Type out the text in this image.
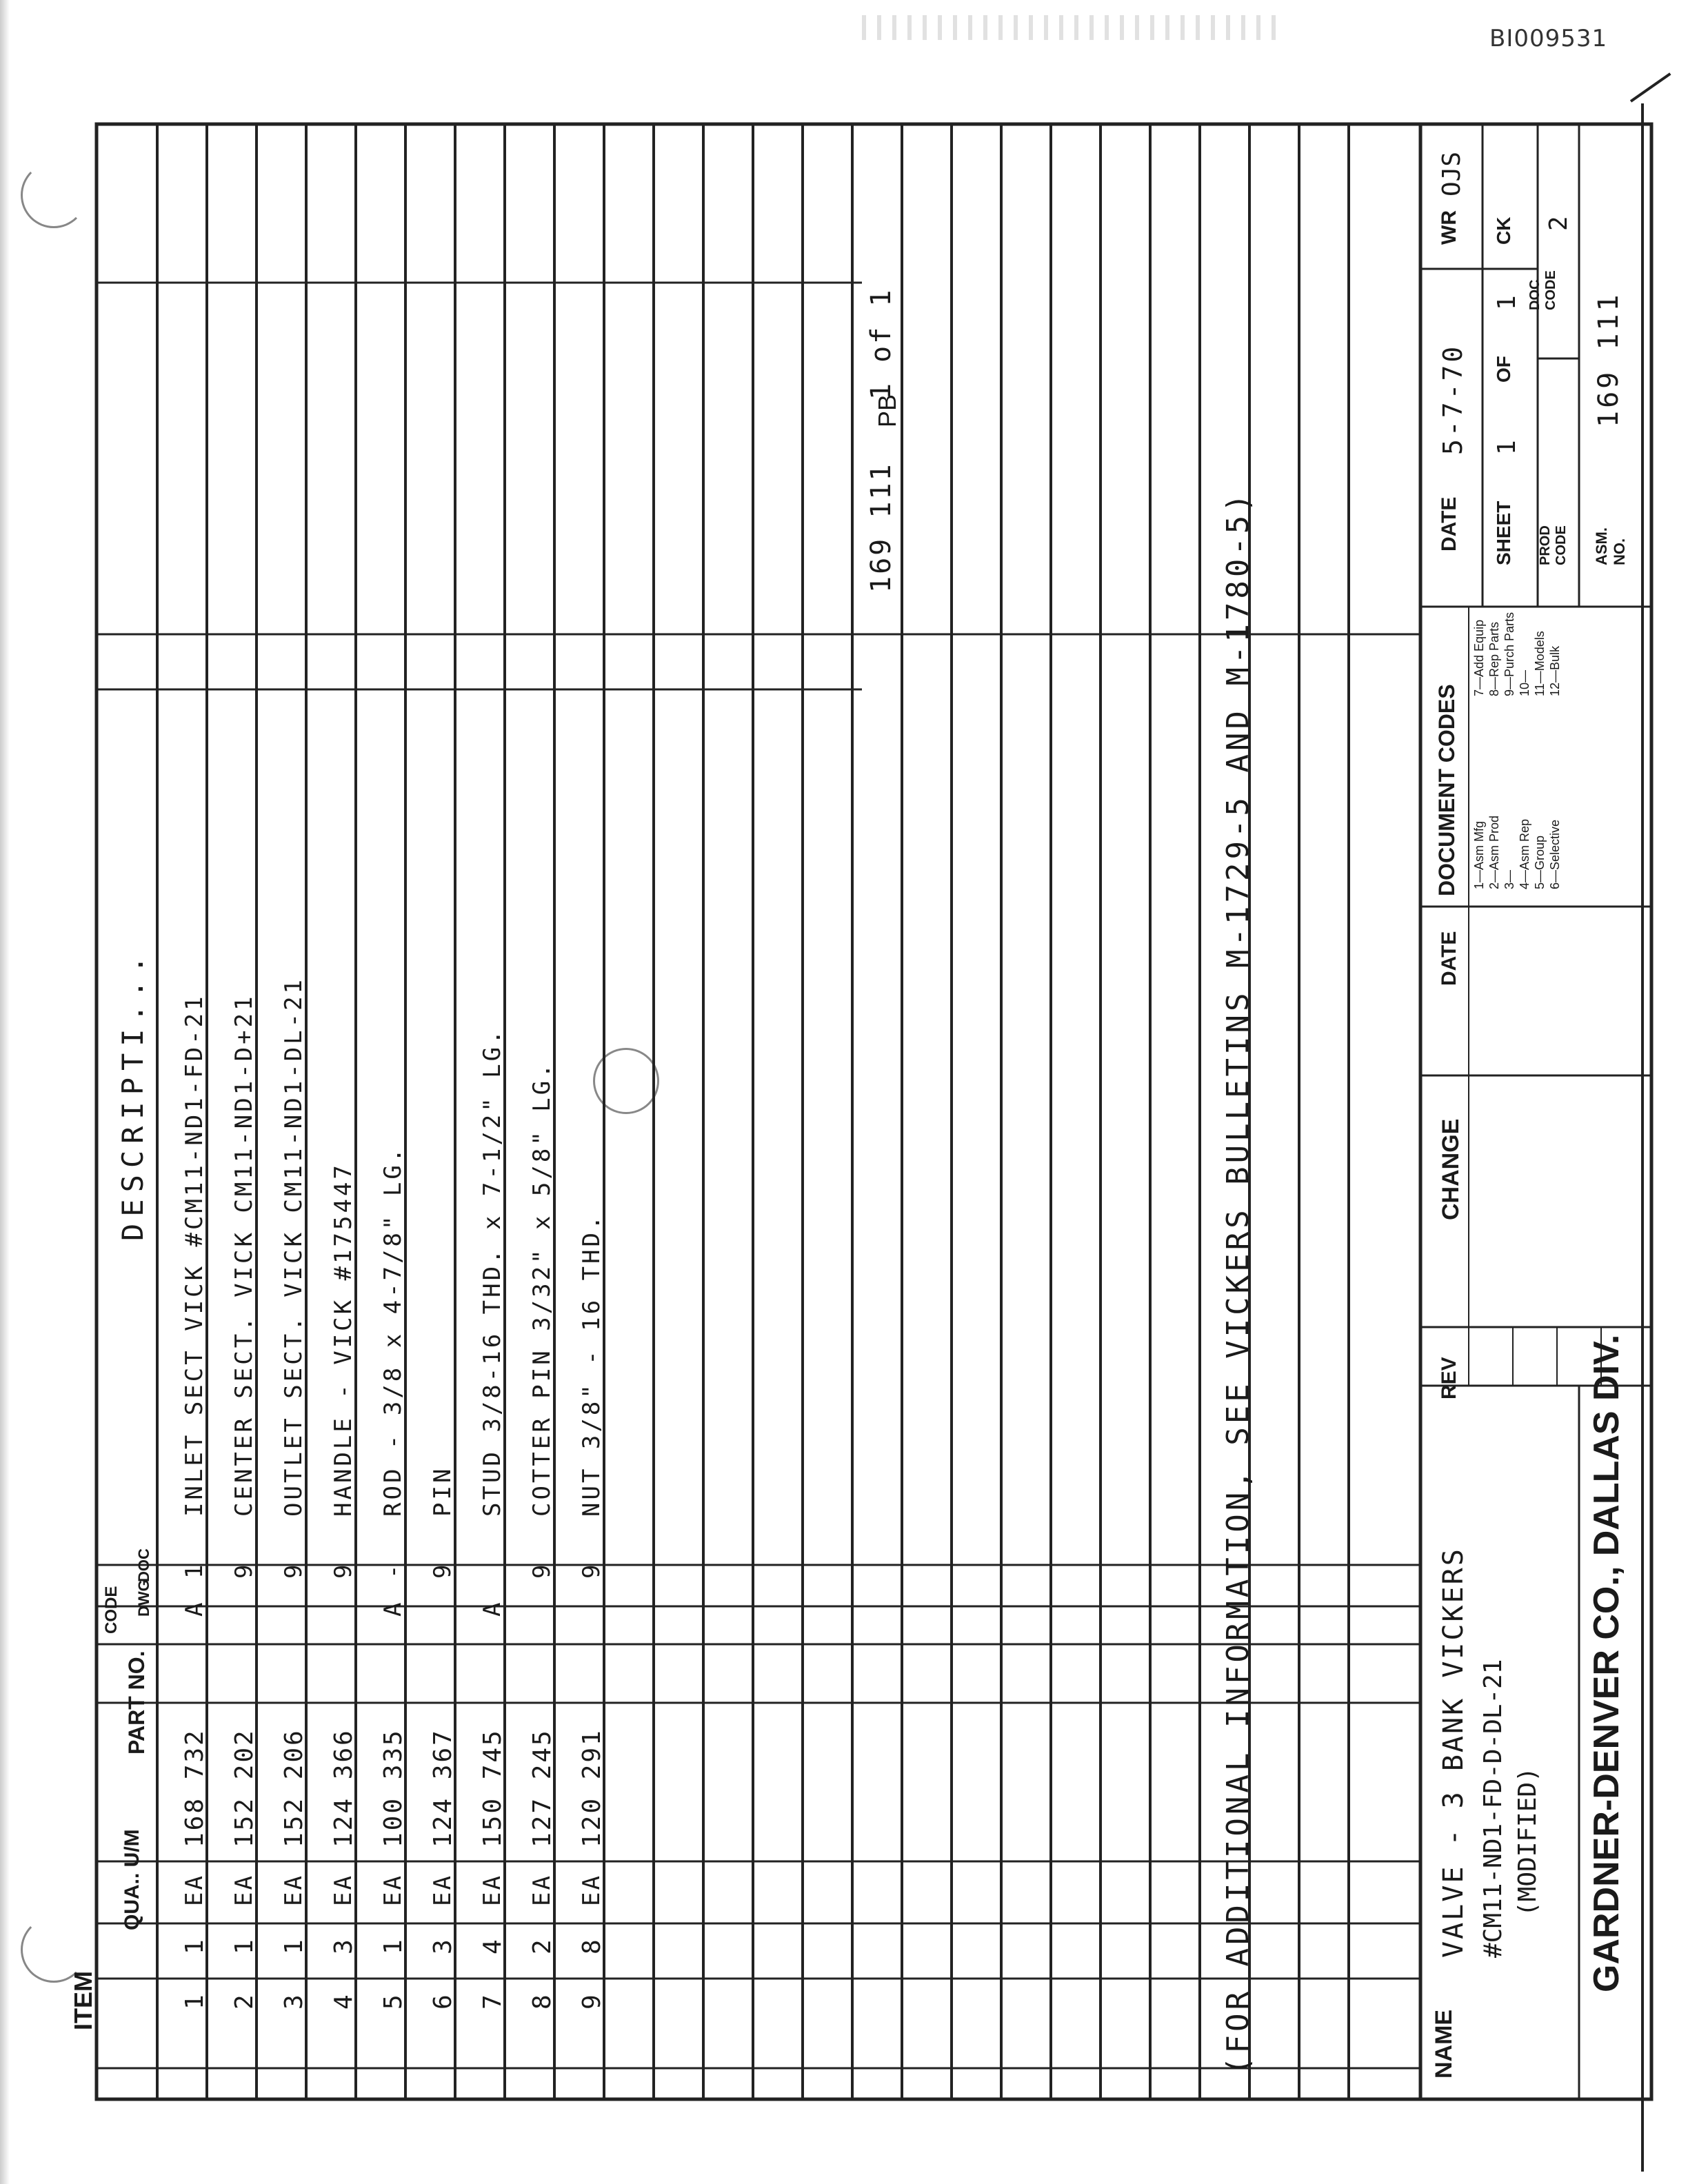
BI009531
ITEM
QUA.. U/M
PART NO.
CODE DWG
DOC
DESCRIPTI...
1
1
EA
168 732
A
1
INLET SECT VICK #CM11-ND1-FD-21
2
1
EA
152 202
9
CENTER SECT. VICK CM11-ND1-D+21
3
1
EA
152 206
9
OUTLET SECT. VICK CM11-ND1-DL-21
4
3
EA
124 366
9
HANDLE - VICK #175447
5
1
EA
100 335
A
-
ROD - 3/8 x 4-7/8" LG.
6
3
EA
124 367
9
PIN
7
4
EA
150 745
A
STUD 3/8-16 THD. x 7-1/2" LG.
8
2
EA
127 245
9
COTTER PIN 3/32" x 5/8" LG.
9
8
EA
120 291
9
NUT 3/8" - 16 THD.	(FOR ADDITIONAL INFORMATION, SEE VICKERS BULLETINS M-1729-5 AND M-1780-5)
169 111
1 of 1
PB
NAME
VALVE - 3 BANK VICKERS #CM11-ND1-FD-D-DL-21 (MODIFIED) GARDNER-DENVER CO., DALLAS DIV.
REV
CHANGE
DATE
DOCUMENT CODES 1—Asm Mfg 2—Asm Prod 3— 4—Asm Rep 5—Group 6—Selective
7—Add Equip 8—Rep Parts 9—Purch Parts 10— 11—Models 12—Bulk
DATE
5-7-70
WR
OJS
SHEET
1
OF
1
CK
PROD CODE
DOC CODE
2
ASM. NO.
169 111
